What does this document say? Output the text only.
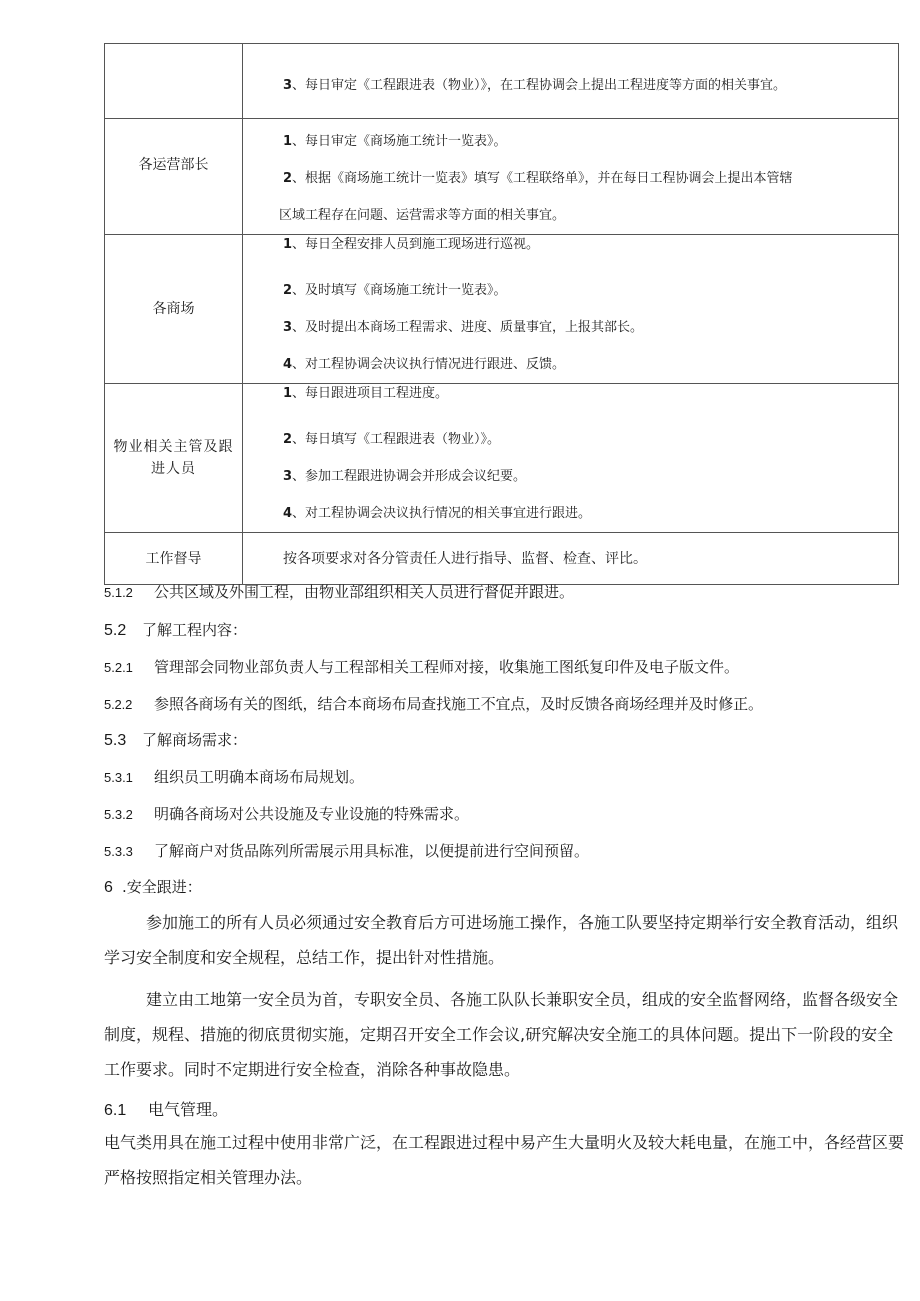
	3、每日审定《工程跟进表（物业）》，在工程协调会上提出工程进度等方面的相关事宜。

各运营部长	1、每日审定《商场施工统计一览表》。
2、根据《商场施工统计一览表》填写《工程联络单》，并在每日工程协调会上提出本管辖
区域工程存在问题、运营需求等方面的相关事宜。

各商场	1、每日全程安排人员到施工现场进行巡视。
2、及时填写《商场施工统计一览表》。
3、及时提出本商场工程需求、进度、质量事宜，上报其部长。
4、对工程协调会决议执行情况进行跟进、反馈。

物业相关主管及跟进人员	1、每日跟进项目工程进度。
2、每日填写《工程跟进表（物业）》。
3、参加工程跟进协调会并形成会议纪要。
4、对工程协调会决议执行情况的相关事宜进行跟进。

工作督导	按各项要求对各分管责任人进行指导、监督、检查、评比。
5.1.2 公共区域及外围工程，由物业部组织相关人员进行督促并跟进。
5.2 了解工程内容：
5.2.1 管理部会同物业部负责人与工程部相关工程师对接，收集施工图纸复印件及电子版文件。
5.2.2 参照各商场有关的图纸，结合本商场布局查找施工不宜点，及时反馈各商场经理并及时修正。
5.3 了解商场需求：
5.3.1 组织员工明确本商场布局规划。
5.3.2 明确各商场对公共设施及专业设施的特殊需求。
5.3.3 了解商户对货品陈列所需展示用具标准，以便提前进行空间预留。
6 .安全跟进：
参加施工的所有人员必须通过安全教育后方可进场施工操作，各施工队要坚持定期举行安全教育活动，组织学习安全制度和安全规程，总结工作，提出针对性措施。
建立由工地第一安全员为首，专职安全员、各施工队队长兼职安全员，组成的安全监督网络，监督各级安全制度，规程、措施的彻底贯彻实施，定期召开安全工作会议,研究解决安全施工的具体问题。提出下一阶段的安全工作要求。同时不定期进行安全检查，消除各种事故隐患。
6.1 电气管理。
电气类用具在施工过程中使用非常广泛，在工程跟进过程中易产生大量明火及较大耗电量，在施工中，各经营区要严格按照指定相关管理办法。
